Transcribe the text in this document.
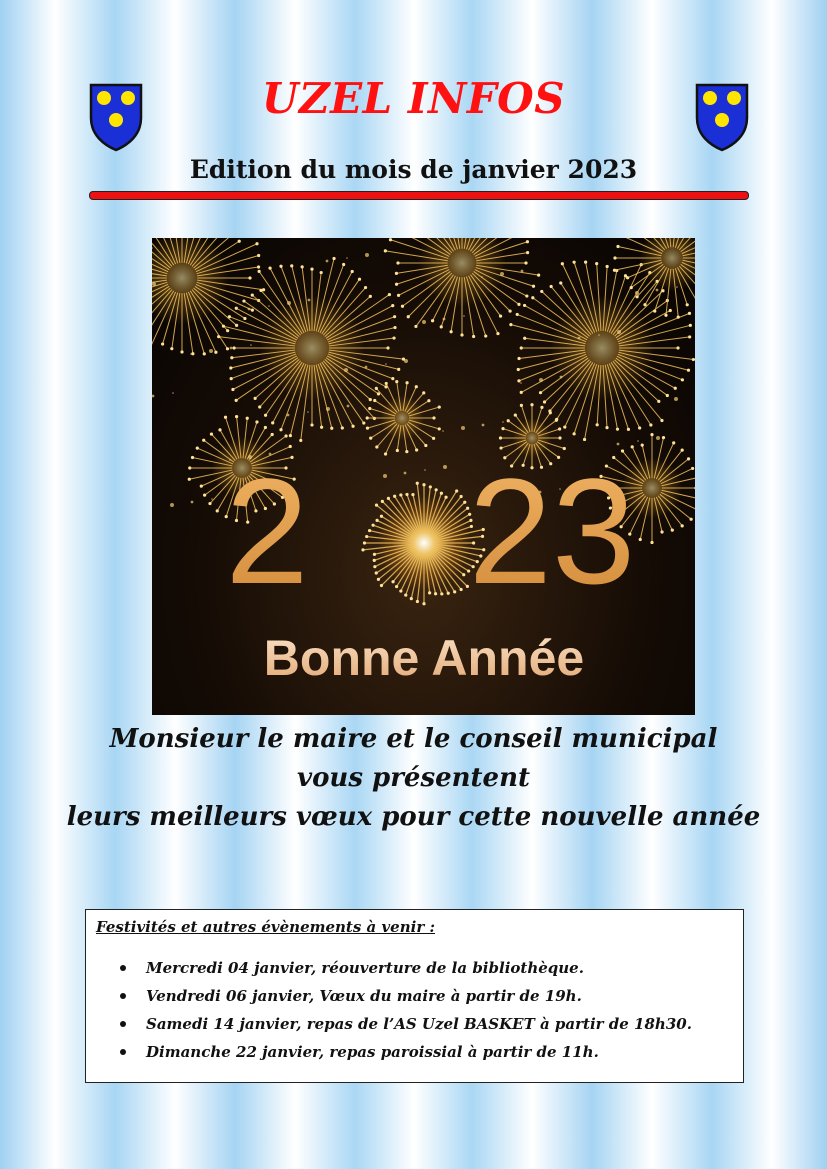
UZEL INFOS
Edition du mois de janvier 2023
2 23
Bonne Année
Monsieur le maire et le conseil municipal
vous présentent
leurs meilleurs vœux pour cette nouvelle année
Festivités et autres évènements à venir :
Mercredi 04 janvier, réouverture de la bibliothèque.
Vendredi 06 janvier, Vœux du maire à partir de 19h.
Samedi 14 janvier, repas de l’AS Uzel BASKET à partir de 18h30.
Dimanche 22 janvier, repas paroissial à partir de 11h.
